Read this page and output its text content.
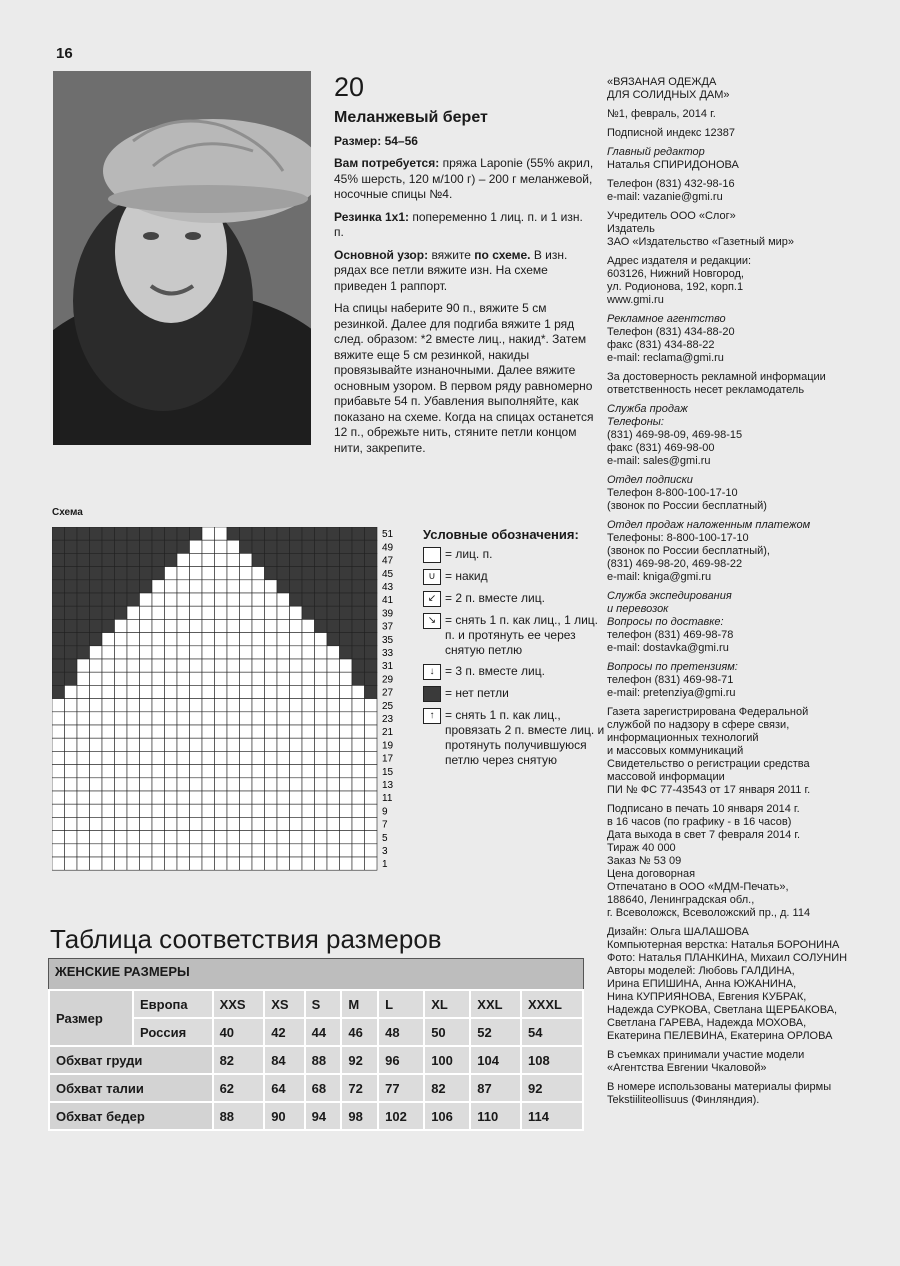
16
20

Меланжевый берет

Размер: 54–56

Вам потребуется: пряжа Laponie (55% акрил, 45% шерсть, 120 м/100 г) – 200 г меланжевой, носочные спицы №4.

Резинка 1x1: попеременно 1 лиц. п. и 1 изн. п.

Основной узор: вяжите по схеме. В изн. рядах все петли вяжите изн. На схеме приведен 1 раппорт.

На спицы наберите 90 п., вяжите 5 см резинкой. Далее для подгиба вяжите 1 ряд след. образом: *2 вместе лиц., накид*. Затем вяжите еще 5 см резинкой, накиды провязывайте изнаночными. Далее вяжите основным узором. В первом ряду равномерно прибавьте 54 п. Убавления выполняйте, как показано на схеме. Когда на спицах останется 12 п., обрежьте нить, стяните петли концом нити, закрепите.

«ВЯЗАНАЯ ОДЕЖДА
ДЛЯ СОЛИДНЫХ ДАМ»
№1, февраль, 2014 г.
Подписной индекс 12387
Главный редактор
Наталья СПИРИДОНОВА
Телефон (831) 432-98-16
e-mail: vazanie@gmi.ru
Учредитель ООО «Слог»
Издатель
ЗАО «Издательство «Газетный мир»
Адрес издателя и редакции:
603126, Нижний Новгород,
ул. Родионова, 192, корп.1
www.gmi.ru
Рекламное агентство
Телефон (831) 434-88-20
факс (831) 434-88-22
e-mail: reclama@gmi.ru
За достоверность рекламной информации
ответственность несет рекламодатель
Служба продаж
Телефоны:
(831) 469-98-09, 469-98-15
факс (831) 469-98-00
e-mail: sales@gmi.ru
Отдел подписки
Телефон 8-800-100-17-10
(звонок по России бесплатный)
Отдел продаж наложенным платежом
Телефоны: 8-800-100-17-10
(звонок по России бесплатный),
(831) 469-98-20, 469-98-22
e-mail: kniga@gmi.ru
Служба экспедирования
и перевозок
Вопросы по доставке:
телефон (831) 469-98-78
e-mail: dostavka@gmi.ru
Вопросы по претензиям:
телефон (831) 469-98-71
e-mail: pretenziya@gmi.ru
Газета зарегистрирована Федеральной
службой по надзору в сфере связи,
информационных технологий
и массовых коммуникаций
Свидетельство о регистрации средства
массовой информации
ПИ № ФС 77-43543 от 17 января 2011 г.
Подписано в печать 10 января 2014 г.
в 16 часов (по графику - в 16 часов)
Дата выхода в свет 7 февраля 2014 г.
Тираж 40 000
Заказ № 53 09
Цена договорная
Отпечатано в ООО «МДМ-Печать»,
188640, Ленинградская обл.,
г. Всеволожск, Всеволожский пр., д. 114
Дизайн: Ольга ШАЛАШОВА
Компьютерная верстка: Наталья БОРОНИНА
Фото: Наталья ПЛАНКИНА, Михаил СОЛУНИН
Авторы моделей: Любовь ГАЛДИНА,
Ирина ЕПИШИНА, Анна ЮЖАНИНА,
Нина КУПРИЯНОВА, Евгения КУБРАК,
Надежда СУРКОВА, Светлана ЩЕРБАКОВА,
Светлана ГАРЕВА, Надежда МОХОВА,
Екатерина ПЕЛЕВИНА, Екатерина ОРЛОВА
В съемках принимали участие модели
«Агентства Евгении Чкаловой»
В номере использованы материалы фирмы
Tekstiiliteollisuus (Финляндия).
Схема
51
49
47
45
43
41
39
37
35
33
31
29
27
25
23
21
19
17
15
13
11
9
7
5
3
1
Условные обозначения:
= лиц. п.
∪ = накид
↙ = 2 п. вместе лиц.
↘ = снять 1 п. как лиц., 1 лиц. п. и протянуть ее через снятую петлю
↓ = 3 п. вместе лиц.
= нет петли
↑ = снять 1 п. как лиц., провязать 2 п. вместе лиц. и протянуть получившуюся петлю через снятую
Таблица соответствия размеров
ЖЕНСКИЕ РАЗМЕРЫ
Размер	Европа	XXS	XS	S	M	L	XL	XXL	XXXL
	Россия	40	42	44	46	48	50	52	54
Обхват груди		82	84	88	92	96	100	104	108
Обхват талии		62	64	68	72	77	82	87	92
Обхват бедер		88	90	94	98	102	106	110	114
